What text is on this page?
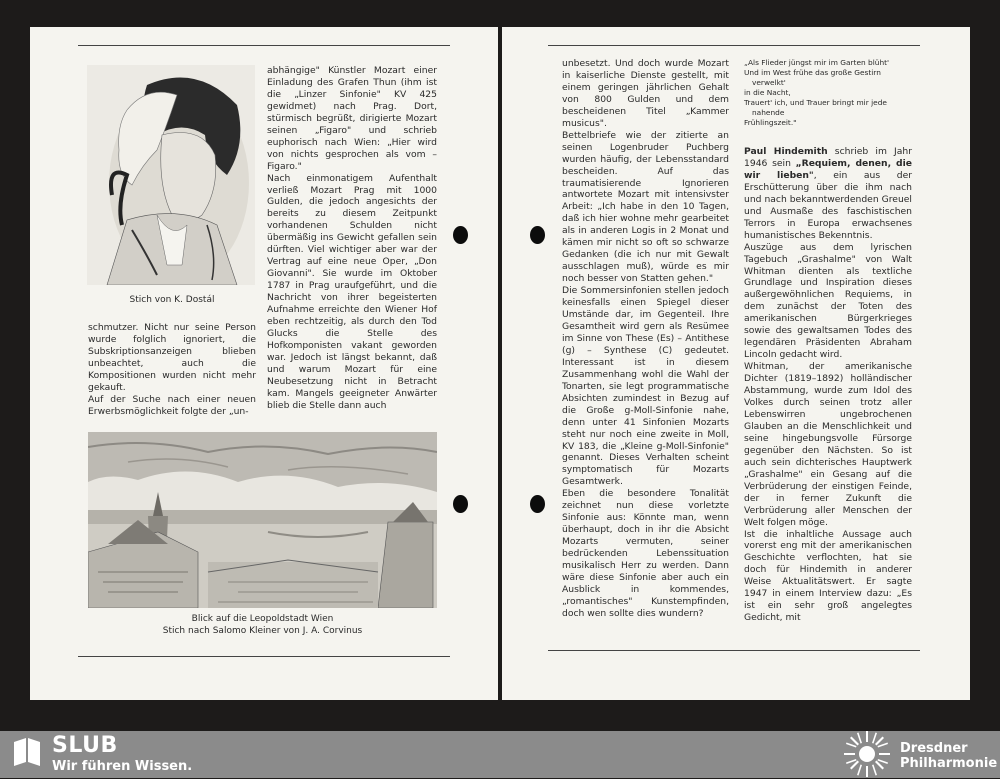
Stich von K. Dostál

abhängige" Künstler Mozart einer Einladung des Grafen Thun (ihm ist die „Linzer Sinfonie" KV 425 gewidmet) nach Prag. Dort, stürmisch begrüßt, dirigierte Mozart seinen „Figaro" und schrieb euphorisch nach Wien: „Hier wird von nichts gesprochen als vom – Figaro."

Nach einmonatigem Aufenthalt verließ Mozart Prag mit 1000 Gulden, die jedoch angesichts der bereits zu diesem Zeitpunkt vorhandenen Schulden nicht übermäßig ins Gewicht gefallen sein dürften. Viel wichtiger aber war der Vertrag auf eine neue Oper, „Don Giovanni". Sie wurde im Oktober 1787 in Prag uraufgeführt, und die Nachricht von ihrer begeisterten Aufnahme erreichte den Wiener Hof eben rechtzeitig, als durch den Tod Glucks die Stelle des Hofkomponisten vakant geworden war. Jedoch ist längst bekannt, daß und warum Mozart für eine Neubesetzung nicht in Betracht kam. Mangels geeigneter Anwärter blieb die Stelle dann auch

schmutzer. Nicht nur seine Person wurde folglich ignoriert, die Subskriptionsanzeigen blieben unbeachtet, auch die Kompositionen wurden nicht mehr gekauft.

Auf der Suche nach einer neuen Erwerbsmöglichkeit folgte der „un-

Blick auf die Leopoldstadt Wien
Stich nach Salomo Kleiner von J. A. Corvinus

unbesetzt. Und doch wurde Mozart in kaiserliche Dienste gestellt, mit einem geringen jährlichen Gehalt von 800 Gulden und dem bescheidenen Titel „Kammer musicus".

Bettelbriefe wie der zitierte an seinen Logenbruder Puchberg wurden häufig, der Lebensstandard bescheiden. Auf das traumatisierende Ignorieren antwortete Mozart mit intensivster Arbeit: „Ich habe in den 10 Tagen, daß ich hier wohne mehr gearbeitet als in anderen Logis in 2 Monat und kämen mir nicht so oft so schwarze Gedanken (die ich nur mit Gewalt ausschlagen muß), würde es mir noch besser von Statten gehen."

Die Sommersinfonien stellen jedoch keinesfalls einen Spiegel dieser Umstände dar, im Gegenteil. Ihre Gesamtheit wird gern als Resümee im Sinne von These (Es) – Antithese (g) – Synthese (C) gedeutet. Interessant ist in diesem Zusammenhang wohl die Wahl der Tonarten, sie legt programmatische Absichten zumindest in Bezug auf die Große g-Moll-Sinfonie nahe, denn unter 41 Sinfonien Mozarts steht nur noch eine zweite in Moll, KV 183, die „Kleine g-Moll-Sinfonie" genannt. Dieses Verhalten scheint symptomatisch für Mozarts Gesamtwerk.

Eben die besondere Tonalität zeichnet nun diese vorletzte Sinfonie aus: Könnte man, wenn überhaupt, doch in ihr die Absicht Mozarts vermuten, seiner bedrückenden Lebenssituation musikalisch Herr zu werden. Dann wäre diese Sinfonie aber auch ein Ausblick in kommendes, „romantisches" Kunstempfinden, doch wen sollte dies wundern?

„Als Flieder jüngst mir im Garten blüht'

Und im West frühe das große Gestirn

verwelkt'

in die Nacht,

Trauert' ich, und Trauer bringt mir jede

nahende

Frühlingszeit."

Paul Hindemith schrieb im Jahr 1946 sein „Requiem, denen, die wir lieben", ein aus der Erschütterung über die ihm nach und nach bekanntwerdenden Greuel und Ausmaße des faschistischen Terrors in Europa erwachsenes humanistisches Bekenntnis.

Auszüge aus dem lyrischen Tagebuch „Grashalme" von Walt Whitman dienten als textliche Grundlage und Inspiration dieses außergewöhnlichen Requiems, in dem zunächst der Toten des amerikanischen Bürgerkrieges sowie des gewaltsamen Todes des legendären Präsidenten Abraham Lincoln gedacht wird.

Whitman, der amerikanische Dichter (1819–1892) holländischer Abstammung, wurde zum Idol des Volkes durch seinen trotz aller Lebenswirren ungebrochenen Glauben an die Menschlichkeit und seine hingebungsvolle Fürsorge gegenüber den Nächsten. So ist auch sein dichterisches Hauptwerk „Grashalme" ein Gesang auf die Verbrüderung der einstigen Feinde, der in ferner Zukunft die Verbrüderung aller Menschen der Welt folgen möge.

Ist die inhaltliche Aussage auch vorerst eng mit der amerikanischen Geschichte verflochten, hat sie doch für Hindemith in anderer Weise Aktualitätswert. Er sagte 1947 in einem Interview dazu: „Es ist ein sehr groß angelegtes Gedicht, mit

SLUB
Wir führen Wissen.
Dresdner
Philharmonie
